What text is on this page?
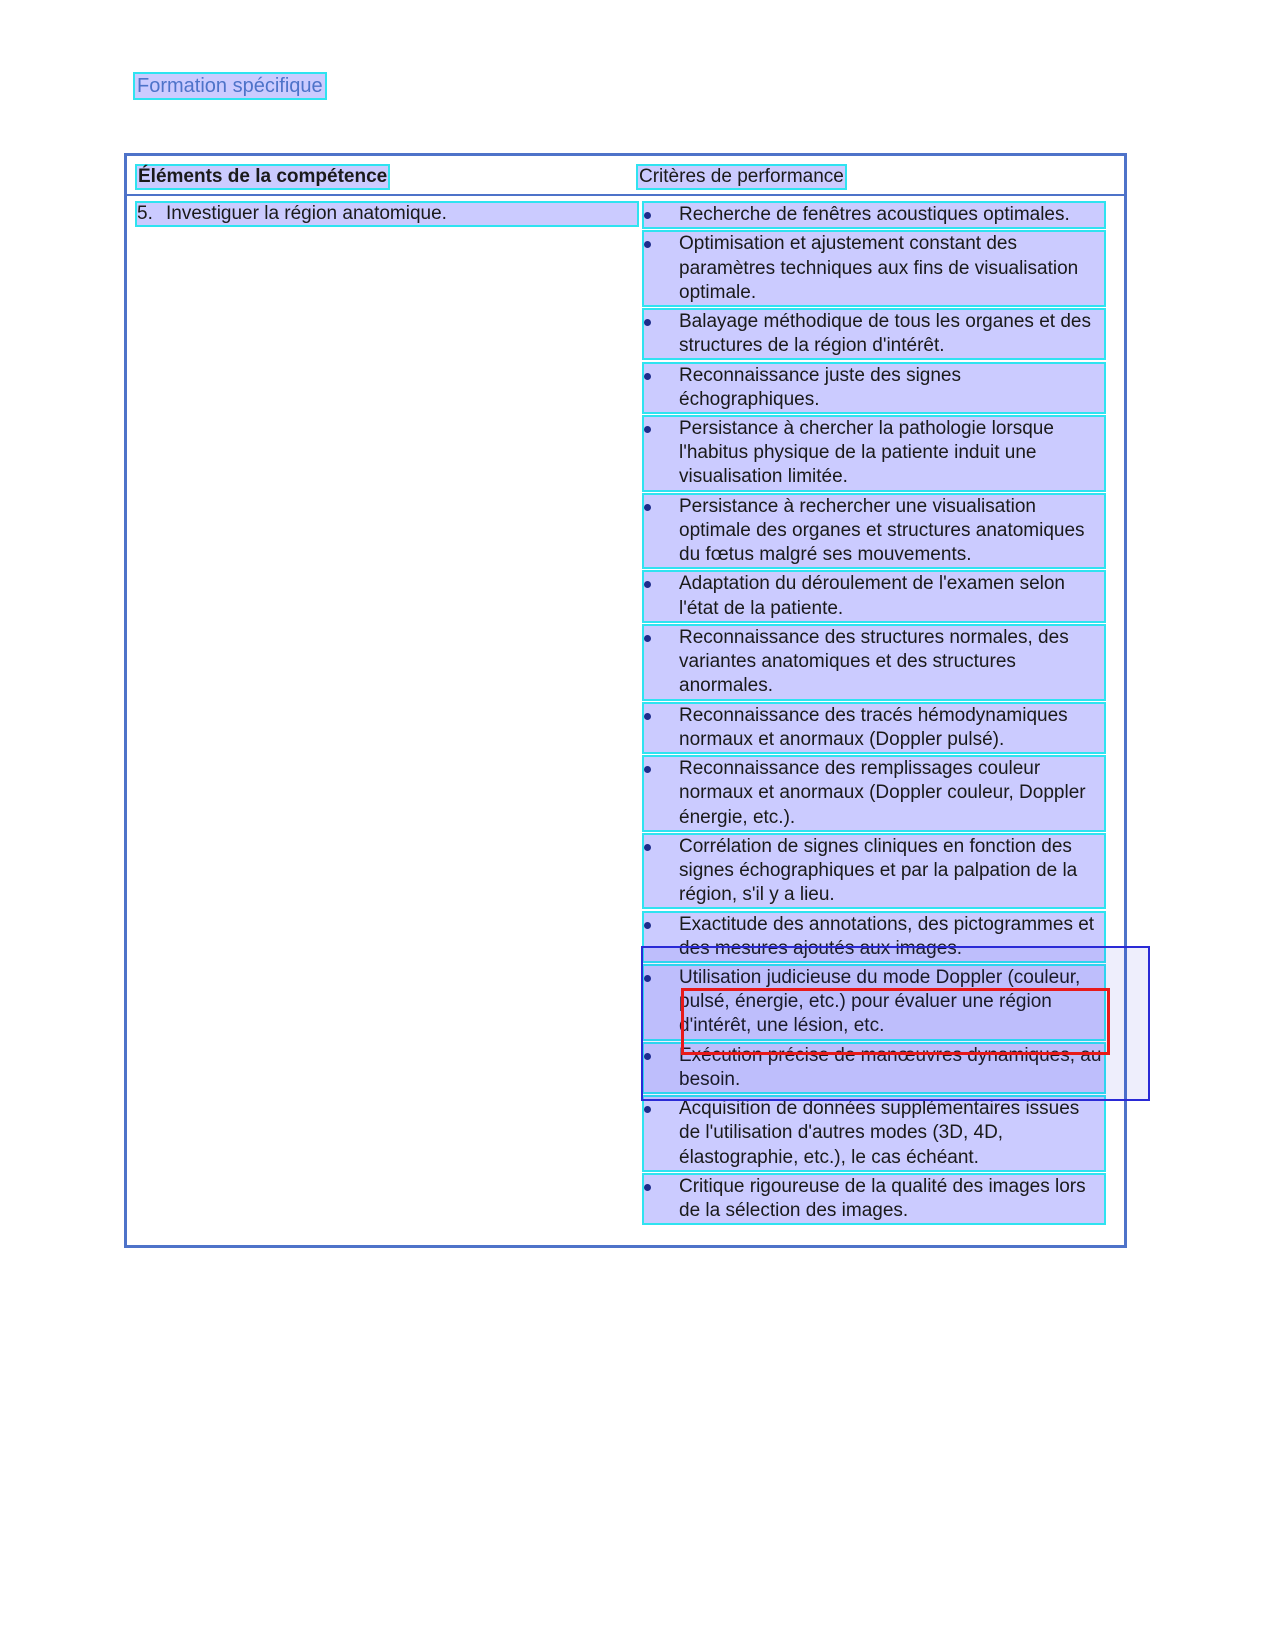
Formation spécifique
Éléments de la compétence	Critères de performance
5. Investiguer la région anatomique.	Recherche de fenêtres acoustiques optimales.
Optimisation et ajustement constant des paramètres techniques aux fins de visualisation optimale.
Balayage méthodique de tous les organes et des structures de la région d'intérêt.
Reconnaissance juste des signes échographiques.
Persistance à chercher la pathologie lorsque l'habitus physique de la patiente induit une visualisation limitée.
Persistance à rechercher une visualisation optimale des organes et structures anatomiques du fœtus malgré ses mouvements.
Adaptation du déroulement de l'examen selon l'état de la patiente.
Reconnaissance des structures normales, des variantes anatomiques et des structures anormales.
Reconnaissance des tracés hémodynamiques normaux et anormaux (Doppler pulsé).
Reconnaissance des remplissages couleur normaux et anormaux (Doppler couleur, Doppler énergie, etc.).
Corrélation de signes cliniques en fonction des signes échographiques et par la palpation de la région, s'il y a lieu.
Exactitude des annotations, des pictogrammes et des mesures ajoutés aux images.
Utilisation judicieuse du mode Doppler (couleur, pulsé, énergie, etc.) pour évaluer une région d'intérêt, une lésion, etc.
Exécution précise de manœuvres dynamiques, au besoin.
Acquisition de données supplémentaires issues de l'utilisation d'autres modes (3D, 4D, élastographie, etc.), le cas échéant.
Critique rigoureuse de la qualité des images lors de la sélection des images.
